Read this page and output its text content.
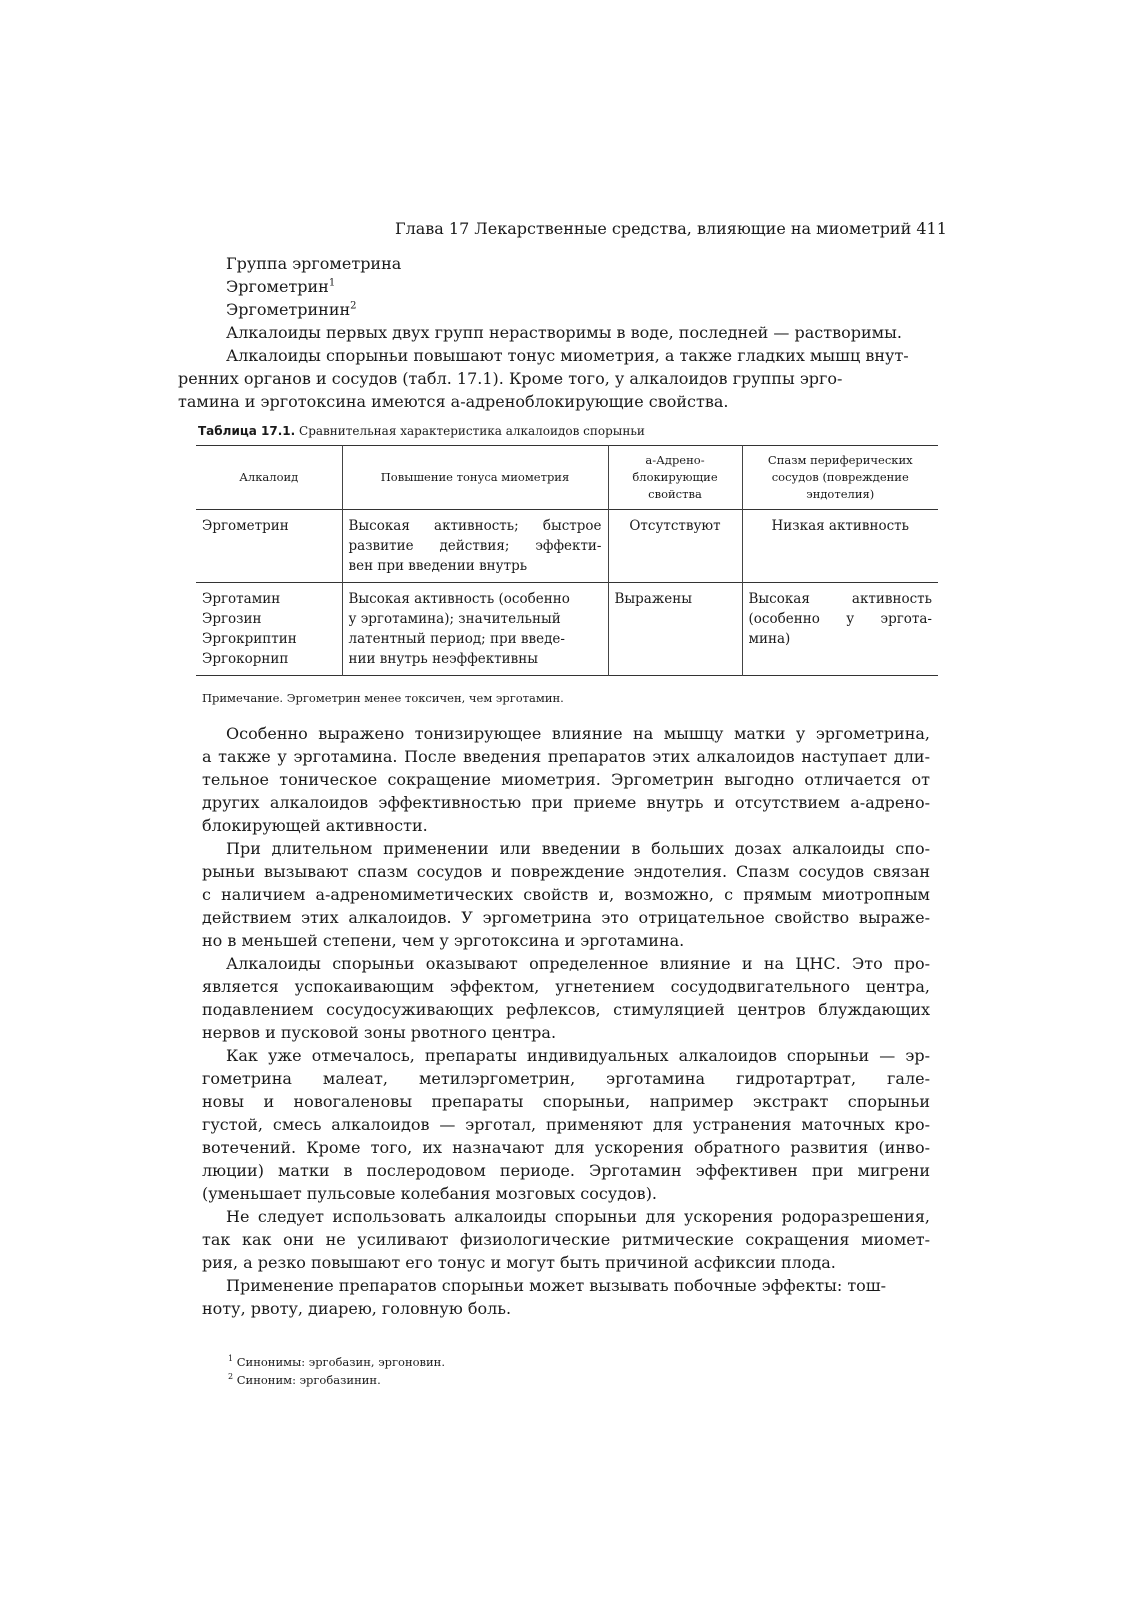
Глава 17 Лекарственные средства, влияющие на миометрий 411
Группа эргометрина
Эргометрин$^1$
Эргометринин$^2$
Алкалоиды первых двух групп нерастворимы в воде, последней — растворимы.

Алкалоиды спорыньи повышают тонус миометрия, а также гладких мышц внут-
ренних органов и сосудов (табл. 17.1). Кроме того, у алкалоидов группы эрго-
тамина и эрготоксина имеются а-адреноблокирующие свойства.

Таблица 17.1. Сравнительная характеристика алкалоидов спорыньи
Алкалоид	Повышение тонуса миометрия	а-Адрено-
блокирующие
свойства	Спазм периферических
сосудов (повреждение
эндотелия)

Эргометрин	Высокая активность; быстрое
развитие действия; эффекти-
вен при введении внутрь	Отсутствуют	Низкая активность

Эрготамин
Эргозин
Эргокриптин
Эргокорнип	Высокая активность (особенно
у эрготамина); значительный
латентный период; при введе-
нии внутрь неэффективны	Выражены	Высокая активность
(особенно у эргота-
мина)
Примечание. Эргометрин менее токсичен, чем эрготамин.

Особенно выражено тонизирующее влияние на мышцу матки у эргометрина,
а также у эрготамина. После введения препаратов этих алкалоидов наступает дли-
тельное тоническое сокращение миометрия. Эргометрин выгодно отличается от
других алкалоидов эффективностью при приеме внутрь и отсутствием а-адрено-
блокирующей активности.

При длительном применении или введении в больших дозах алкалоиды спо-
рыньи вызывают спазм сосудов и повреждение эндотелия. Спазм сосудов связан
с наличием а-адреномиметических свойств и, возможно, с прямым миотропным
действием этих алкалоидов. У эргометрина это отрицательное свойство выраже-
но в меньшей степени, чем у эрготоксина и эрготамина.

Алкалоиды спорыньи оказывают определенное влияние и на ЦНС. Это про-
является успокаивающим эффектом, угнетением сосудодвигательного центра,
подавлением сосудосуживающих рефлексов, стимуляцией центров блуждающих
нервов и пусковой зоны рвотного центра.

Как уже отмечалось, препараты индивидуальных алкалоидов спорыньи — эр-
гометрина малеат, метилэргометрин, эрготамина гидротартрат, гале-
новы и новогаленовы препараты спорыньи, например экстракт спорыньи
густой, смесь алкалоидов — эрготал, применяют для устранения маточных кро-
вотечений. Кроме того, их назначают для ускорения обратного развития (инво-
люции) матки в послеродовом периоде. Эрготамин эффективен при мигрени
(уменьшает пульсовые колебания мозговых сосудов).

Не следует использовать алкалоиды спорыньи для ускорения родоразрешения,
так как они не усиливают физиологические ритмические сокращения миомет-
рия, а резко повышают его тонус и могут быть причиной асфиксии плода.

Применение препаратов спорыньи может вызывать побочные эффекты: тош-
ноту, рвоту, диарею, головную боль.

$^1$ Синонимы: эргобазин, эргоновин.
$^2$ Синоним: эргобазинин.
